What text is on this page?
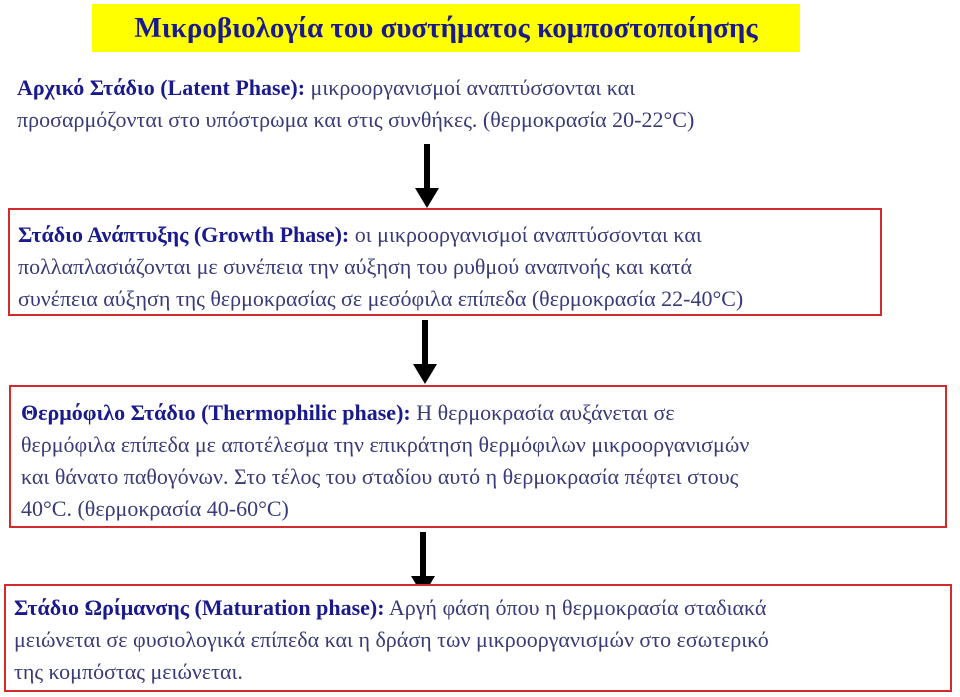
Μικροβιολογία του συστήματος κομποστοποίησης
Αρχικό Στάδιο (Latent Phase): μικροοργανισμοί αναπτύσσονται και
προσαρμόζονται στο υπόστρωμα και στις συνθήκες. (θερμοκρασία 20-22°C)
Στάδιο Ανάπτυξης (Growth Phase): οι μικροοργανισμοί αναπτύσσονται και
πολλαπλασιάζονται με συνέπεια την αύξηση του ρυθμού αναπνοής και κατά
συνέπεια αύξηση της θερμοκρασίας σε μεσόφιλα επίπεδα (θερμοκρασία 22-40°C)
Θερμόφιλο Στάδιο (Thermophilic phase): Η θερμοκρασία αυξάνεται σε
θερμόφιλα επίπεδα με αποτέλεσμα την επικράτηση θερμόφιλων μικροοργανισμών
και θάνατο παθογόνων. Στο τέλος του σταδίου αυτό η θερμοκρασία πέφτει στους
40°C. (θερμοκρασία 40-60°C)
Στάδιο Ωρίμανσης (Maturation phase): Αργή φάση όπου η θερμοκρασία σταδιακά
μειώνεται σε φυσιολογικά επίπεδα και η δράση των μικροοργανισμών στο εσωτερικό
της κομπόστας μειώνεται.
